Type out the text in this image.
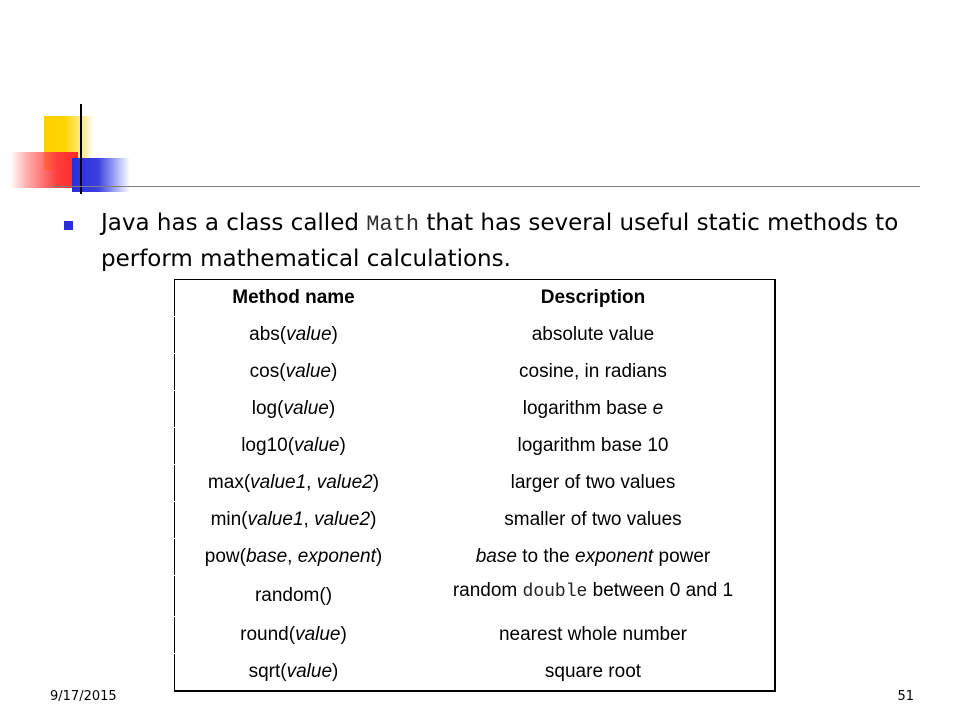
Java has a class called Math that has several useful static methods to perform mathematical calculations.
Method name	Description
abs(value)	absolute value
cos(value)	cosine, in radians
log(value)	logarithm base e
log10(value)	logarithm base 10
max(value1, value2)	larger of two values
min(value1, value2)	smaller of two values
pow(base, exponent)	base to the exponent power
random()	random double between 0 and 1
round(value)	nearest whole number
sqrt(value)	square root
9/17/2015	51
